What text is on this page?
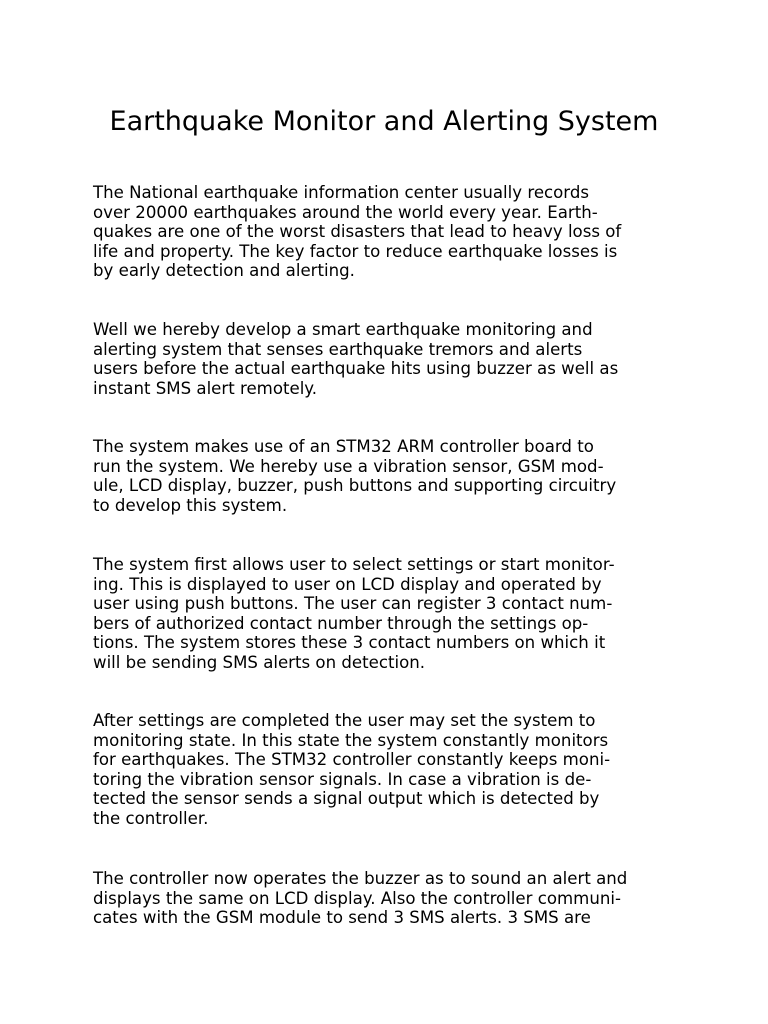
Earthquake Monitor and Alerting System

The National earthquake information center usually records
over 20000 earthquakes around the world every year. Earth-
quakes are one of the worst disasters that lead to heavy loss of
life and property. The key factor to reduce earthquake losses is
by early detection and alerting.

Well we hereby develop a smart earthquake monitoring and
alerting system that senses earthquake tremors and alerts
users before the actual earthquake hits using buzzer as well as
instant SMS alert remotely.

The system makes use of an STM32 ARM controller board to
run the system. We hereby use a vibration sensor, GSM mod-
ule, LCD display, buzzer, push buttons and supporting circuitry
to develop this system.

The system first allows user to select settings or start monitor-
ing. This is displayed to user on LCD display and operated by
user using push buttons. The user can register 3 contact num-
bers of authorized contact number through the settings op-
tions. The system stores these 3 contact numbers on which it
will be sending SMS alerts on detection.

After settings are completed the user may set the system to
monitoring state. In this state the system constantly monitors
for earthquakes. The STM32 controller constantly keeps moni-
toring the vibration sensor signals. In case a vibration is de-
tected the sensor sends a signal output which is detected by
the controller.

The controller now operates the buzzer as to sound an alert and
displays the same on LCD display. Also the controller communi-
cates with the GSM module to send 3 SMS alerts. 3 SMS are
